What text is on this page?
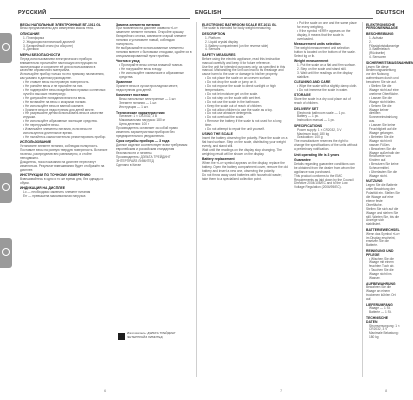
РУССКИЙ	ENGLISH	DEUTSCH
ВЕСЫ НАПОЛЬНЫЕ ЭЛЕКТРОННЫЕ ВТ-1011 GL
Весы предназначены для измерения массы тела.
ОПИСАНИЕ
1. Платформа
2. Жидкокристаллический дисплей
3. Батарейный отсек (на обороте)
4. Датчики
МЕРЫ БЕЗОПАСНОСТИ
Перед использованием электрического прибора внимательно прочитайте настоящую инструкцию по эксплуатации и сохраните её для использования в качестве справочного материала.
Используйте прибор только по его прямому назначению, как указано в данном руководстве.
• Не ставьте весы на неровную поверхность.
• Не роняйте весы и не прыгайте на них.
• Не подвергайте весы воздействию прямых солнечных лучей и высоких температур.
• Не допускайте попадания влаги на весы.
• Не вставайте на весы с мокрыми ногами.
• Не используйте весы в ванной комнате.
• Храните весы в недоступном для детей месте.
• Не разрешайте детям использовать весы в качестве игрушки.
• Не используйте абразивные чистящие средства.
• Не перегружайте весы.
• Извлекайте элементы питания, если весы не используются длительное время.
• Не пытайтесь самостоятельно ремонтировать прибор.
ИСПОЛЬЗОВАНИЕ
Установите элемент питания, соблюдая полярность. Поставьте весы на ровную твердую поверхность. Встаньте на весы, распределив вес равномерно, и стойте неподвижно.
Дождитесь, пока показания на дисплее перестанут изменяться. Результат взвешивания будет отображён на дисплее.
ИНСТРУКЦИИ ПО ТОЧНОМУ ИЗМЕРЕНИЮ
Взвешивайтесь в одно и то же время дня, без одежды и обуви.
ИНДИКАЦИЯ НА ДИСПЛЕЕ
Lo — необходимо заменить элемент питания
Err — превышена максимальная нагрузка
Замена элемента питания
При появлении на дисплее символа «Lo» замените элемент питания. Откройте крышку батарейного отсека, извлеките старый элемент питания и установите новый, соблюдая полярность.
Не выбрасывайте использованные элементы питания вместе с бытовыми отходами, сдайте их в специализированный пункт приёма.
Чистка и уход
• Протирайте весы слегка влажной тканью.
• Не погружайте весы в воду.
• Не используйте химические и абразивные средства.
Хранение
Храните весы в сухом прохладном месте, недоступном для детей.
Комплект поставки
Весы напольные электронные — 1 шт.
Элемент питания — 1 шт.
Инструкция — 1 шт.
Технические характеристики
Питание: 1 × CR2032, 3 В
Максимальная нагрузка: 180 кг
Цена деления: 100 г
Производитель оставляет за собой право изменять характеристики приборов без предварительного уведомления.
Срок службы прибора — 3 года
Данное изделие соответствует всем требуемым европейским и российским стандартам безопасности и гигиены.
Производитель: ДЭЛЬТА ТРЕЙДИНГ ЭНТЕРПРАЙЗ ЛИМИТЕД
Сделано в Китае
ELECTRONIC BATHROOM SCALE BT-1011 GL
The scale is intended for body weight measuring.
DESCRIPTION
1. Platform
2. Liquid crystal display
3. Battery compartment (on the reverse side)
4. Sensors
SAFETY MEASURES
Before using the electric appliance, read this instruction manual carefully and keep it for future reference.
Use the unit for intended purposes only, as specified in this manual. Mishandling the unit can lead to its breakage and cause harm to the user or damage to his/her property.
• Do not place the scale on an uneven surface.
• Do not drop the scale or jump on it.
• Do not expose the scale to direct sunlight or high temperatures.
• Do not let moisture get on the scale.
• Do not step on the scale with wet feet.
• Do not use the scale in the bathroom.
• Keep the scale out of reach of children.
• Do not allow children to use the scale as a toy.
• Do not use abrasive detergents.
• Do not overload the scale.
• Remove the battery if the scale is not used for a long time.
• Do not attempt to repair the unit yourself.
USING THE SCALE
Insert the battery observing the polarity. Place the scale on a flat hard surface. Step on the scale, distributing your weight evenly, and stand still.
Wait until the readings on the display stop changing. The weighing result will be shown on the display.
Battery replacement
When the «Lo» symbol appears on the display, replace the battery. Open the battery compartment cover, remove the old battery and insert a new one, observing the polarity.
Do not throw away used batteries with household waste; take them to a specialized collection point.
• Put the scale on one and the same place for every weighing.
• If the symbol «ERR» appears on the display, it means that the scale is overloaded.
Measurement units selection
The weight measurement unit selection button is located on the bottom of the scale. Select kg or lb.
Weight measurement
1. Put the scale on a flat and firm surface.
2. Step on the scale and stand still.
3. Wait until the readings on the display stabilize.
CLEANING AND CARE
• Wipe the scale with a slightly damp cloth.
• Do not immerse the scale in water.
STORAGE
Store the scale in a dry cool place out of reach of children.
DELIVERY SET
Electronic bathroom scale — 1 pc.
Battery — 1 pc.
Instruction manual — 1 pc.
SPECIFICATIONS
Power supply: 1 × CR2032, 3 V
Maximum load: 180 kg
Graduation: 100 g
The manufacturer reserves the right to change the specifications of the units without a preliminary notification.
Unit operating life is 3 years
Guarantee
Details regarding guarantee conditions can be obtained from the dealer from whom the appliance was purchased.
This product conforms to the EMC Requirements as laid down by the Council Directive 2004/108/EC and to the Low Voltage Regulation (2006/95/EC).
ELEKTRONISCHE PERSONENWAAGE
BESCHREIBUNG
1. Aufsatz
2. Flüssigkristallanzeige
3. Batteriefach (Rückseite)
4. Sensoren
SICHERHEITSMASSNAHMEN
Lesen Sie diese Bedienungsanleitung vor der Nutzung aufmerksam durch und bewahren Sie sie auf.
• Stellen Sie die Waage nicht auf eine unebene Oberfläche.
• Lassen Sie die Waage nicht fallen.
• Setzen Sie die Waage keiner direkten Sonneneinstrahlung aus.
• Lassen Sie keine Feuchtigkeit auf die Waage gelangen.
• Betreten Sie die Waage nicht mit nassen Füßen.
• Bewahren Sie die Waage außerhalb der Reichweite von Kindern auf.
• Benutzen Sie keine Scheuermittel.
• Überlasten Sie die Waage nicht.
NUTZUNG
Legen Sie die Batterie unter Beachtung der Polarität ein. Stellen Sie die Waage auf eine ebene feste Oberfläche.
Stellen Sie sich auf die Waage und stehen Sie still. Warten Sie, bis die Anzeige sich stabilisiert.
BATTERIEWECHSEL
Wenn das Symbol «Lo» im Display erscheint, ersetzen Sie die Batterie.
REINIGUNG UND PFLEGE
• Wischen Sie die Waage mit einem feuchten Tuch ab.
• Tauchen Sie die Waage nicht ins Wasser.
AUFBEWAHRUNG
Bewahren Sie die Waage an einem trockenen kühlen Ort auf.
LIEFERUMFANG
Waage — 1 St.
Batterie — 1 St.
TECHNISCHE DATEN
Stromversorgung: 1 × CR2032, 3 V
Maximale Belastung: 180 kg
Изготовитель: ДЭЛЬТА ТРЕЙДИНГ ЭНТЕРПРАЙЗ ЛИМИТЕД
6	7	8
